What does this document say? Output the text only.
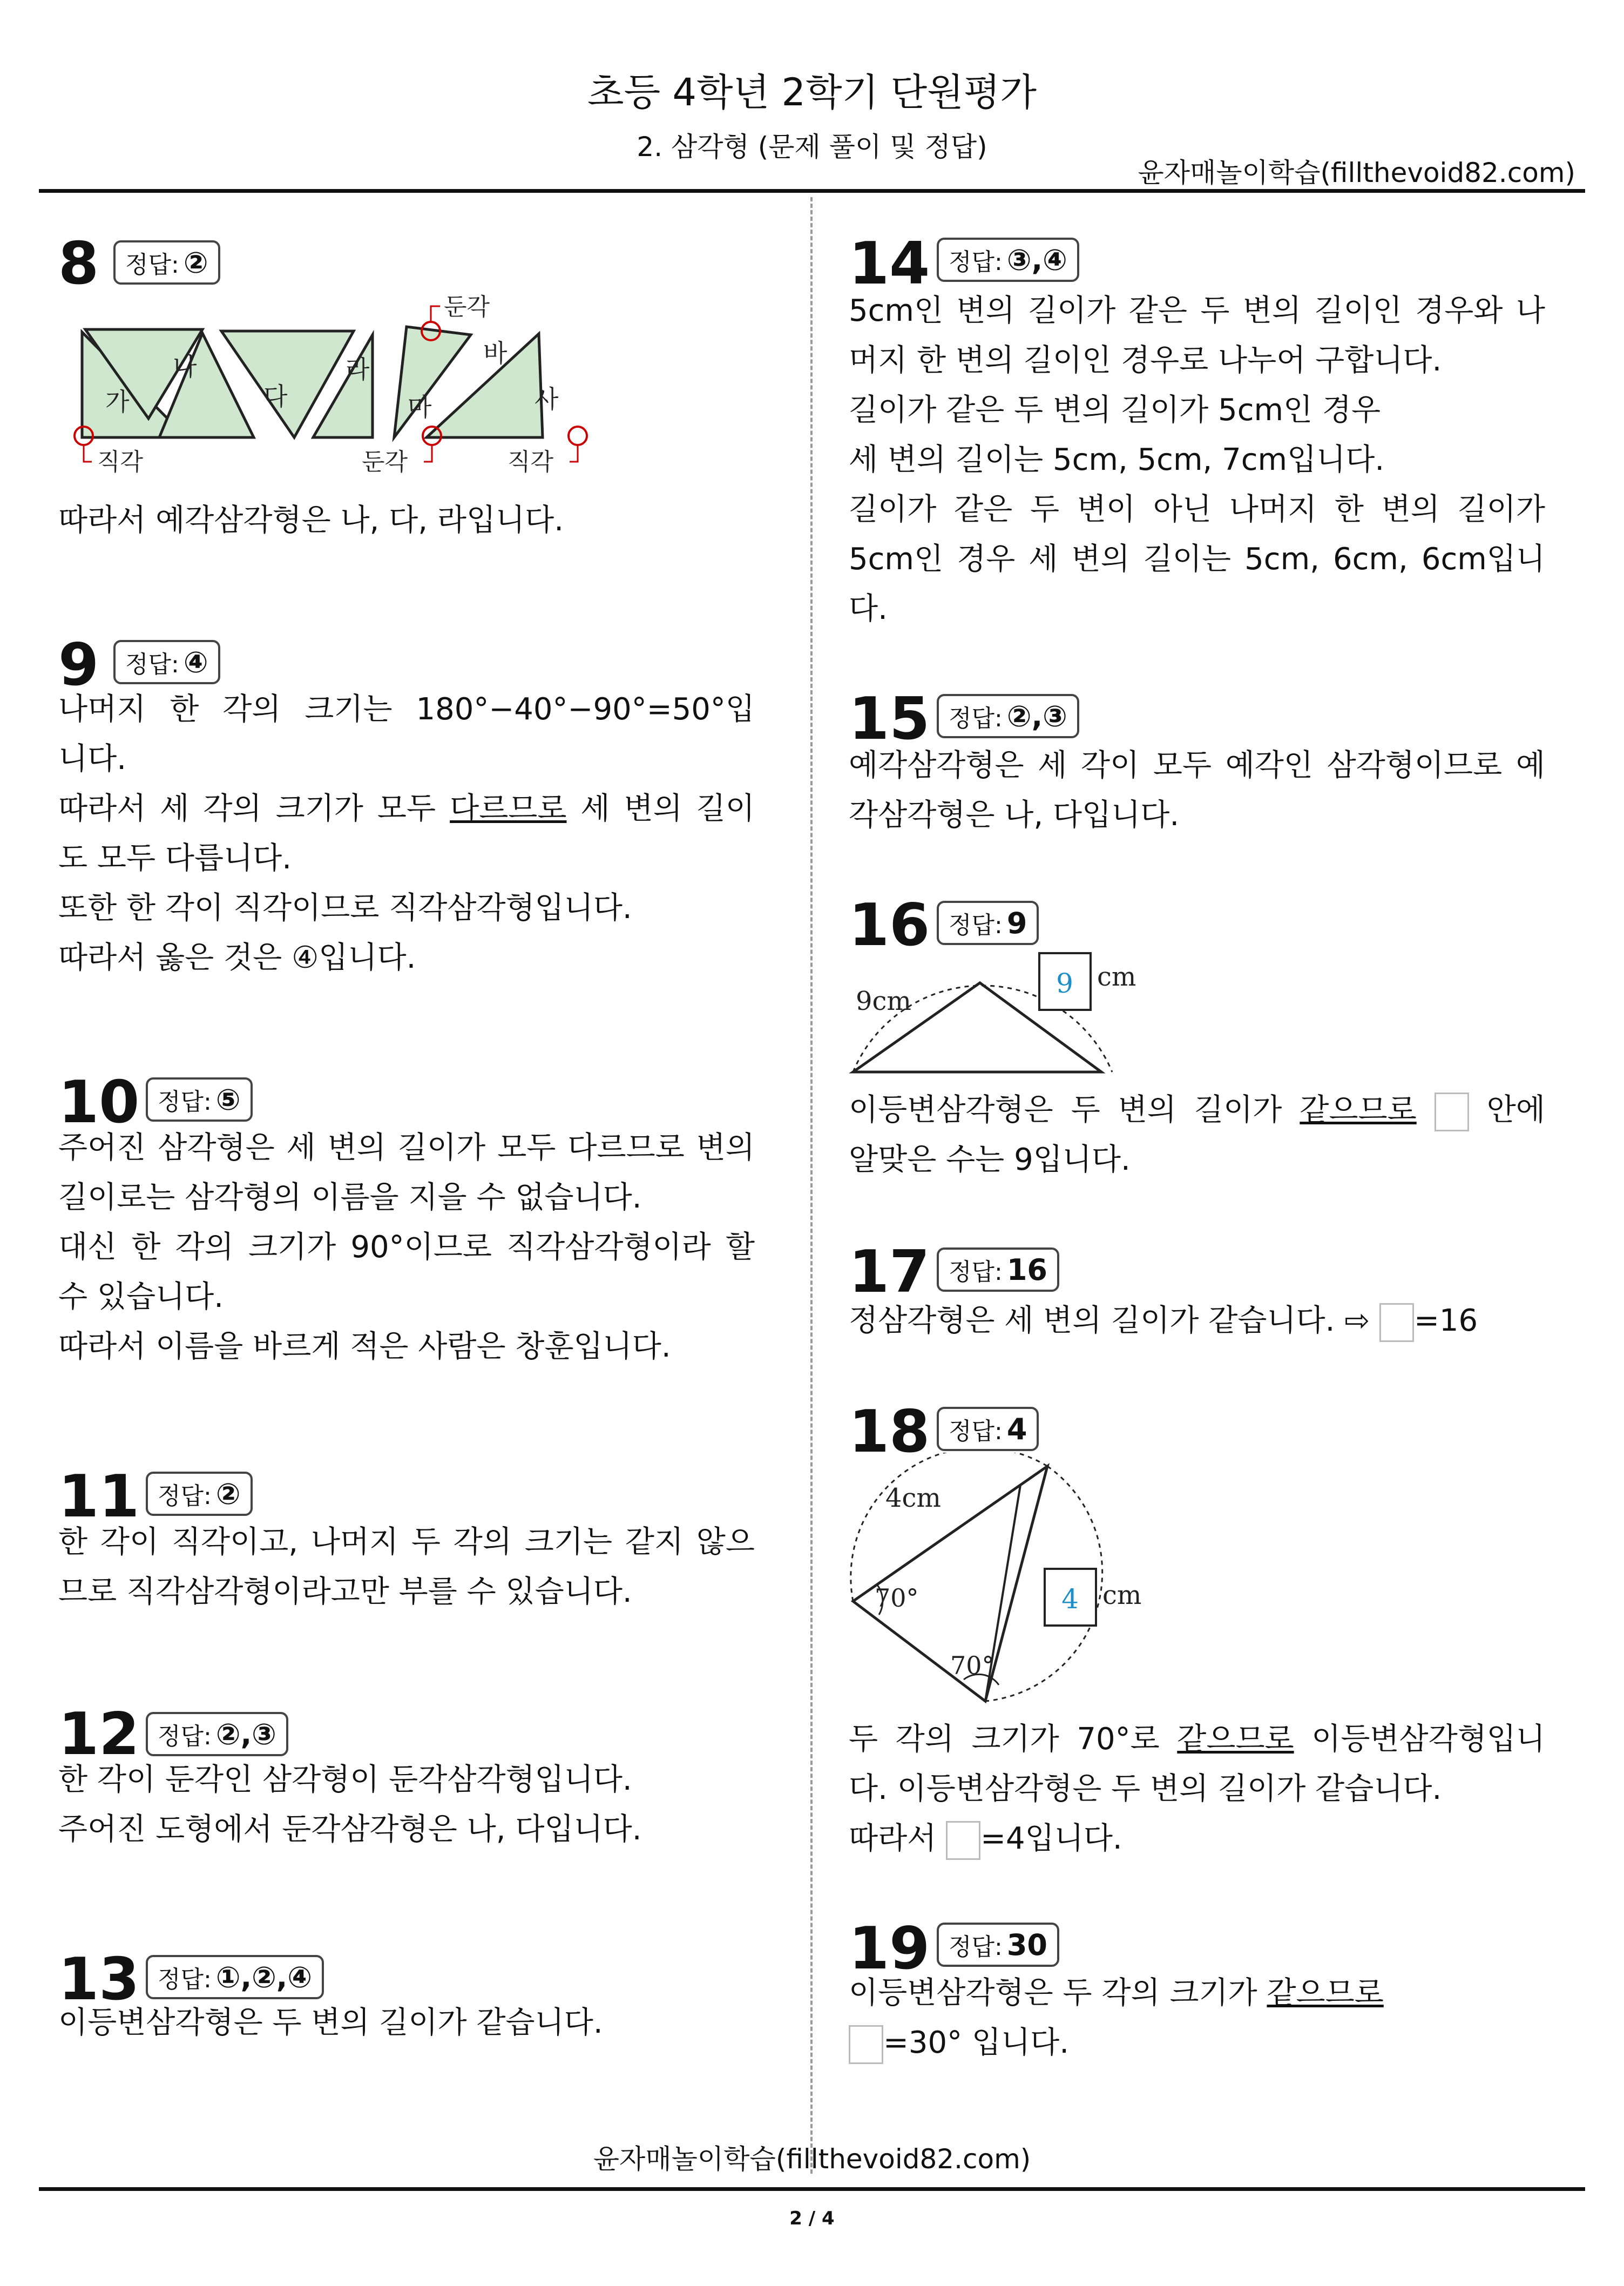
초등 4학년 2학기 단원평가
2. 삼각형 (문제 풀이 및 정답)
윤자매놀이학습(fillthevoid82.com)
8 정답: ②
가
나
다
라
마
바
사
직각
둔각
둔각	직각

따라서 예각삼각형은 나, 다, 라입니다.

9 정답: ④

나머지 한 각의 크기는 180°−40°−90°=50°입

니다.

따라서 세 각의 크기가 모두 다르므로 세 변의 길이

도 모두 다릅니다.

또한 한 각이 직각이므로 직각삼각형입니다.

따라서 옳은 것은 ④입니다.

10 정답: ⑤

주어진 삼각형은 세 변의 길이가 모두 다르므로 변의

길이로는 삼각형의 이름을 지을 수 없습니다.

대신 한 각의 크기가 90°이므로 직각삼각형이라 할

수 있습니다.

따라서 이름을 바르게 적은 사람은 창훈입니다.

11 정답: ②

한 각이 직각이고, 나머지 두 각의 크기는 같지 않으

므로 직각삼각형이라고만 부를 수 있습니다.

12 정답: ②,③

한 각이 둔각인 삼각형이 둔각삼각형입니다.

주어진 도형에서 둔각삼각형은 나, 다입니다.

13 정답: ①,②,④

이등변삼각형은 두 변의 길이가 같습니다.

14 정답: ③,④

5cm인 변의 길이가 같은 두 변의 길이인 경우와 나

머지 한 변의 길이인 경우로 나누어 구합니다.

길이가 같은 두 변의 길이가 5cm인 경우

세 변의 길이는 5cm, 5cm, 7cm입니다.

길이가 같은 두 변이 아닌 나머지 한 변의 길이가

5cm인 경우 세 변의 길이는 5cm, 6cm, 6cm입니

다.

15 정답: ②,③

예각삼각형은 세 각이 모두 예각인 삼각형이므로 예

각삼각형은 나, 다입니다.

16 정답: 9
9cm
9 cm

이등변삼각형은 두 변의 길이가 같으므로  안에

알맞은 수는 9입니다.

17 정답: 16

정삼각형은 세 변의 길이가 같습니다. ⇨ =16

18 정답: 4
4cm
70°
70°
4 cm

두 각의 크기가 70°로 같으므로 이등변삼각형입니

다. 이등변삼각형은 두 변의 길이가 같습니다.

따라서 =4입니다.

19 정답: 30

이등변삼각형은 두 각의 크기가 같으므로

=30° 입니다.

윤자매놀이학습(fillthevoid82.com)
2 / 4
